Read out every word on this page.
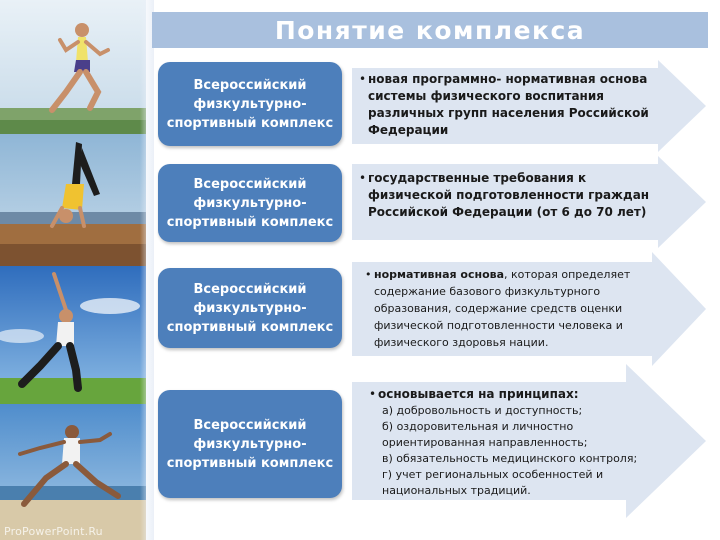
ProPowerPoint.Ru
Понятие комплекса
Всероссийский физкультурно-спортивный комплекс
• новая программно- нормативная основа системы физического воспитания различных групп населения Российской Федерации
Всероссийский физкультурно-спортивный комплекс
• государственные требования к физической подготовленности граждан Российской Федерации (от 6 до 70 лет)
Всероссийский физкультурно-спортивный комплекс
• нормативная основа, которая определяет содержание базового физкультурного образования, содержание средств оценки физической подготовленности человека и физического здоровья нации.
Всероссийский физкультурно-спортивный комплекс
• основывается на принципах:
а) добровольность и доступность;
б) оздоровительная и личностно ориентированная направленность;
в) обязательность медицинского контроля;
г) учет региональных особенностей и национальных традиций.
